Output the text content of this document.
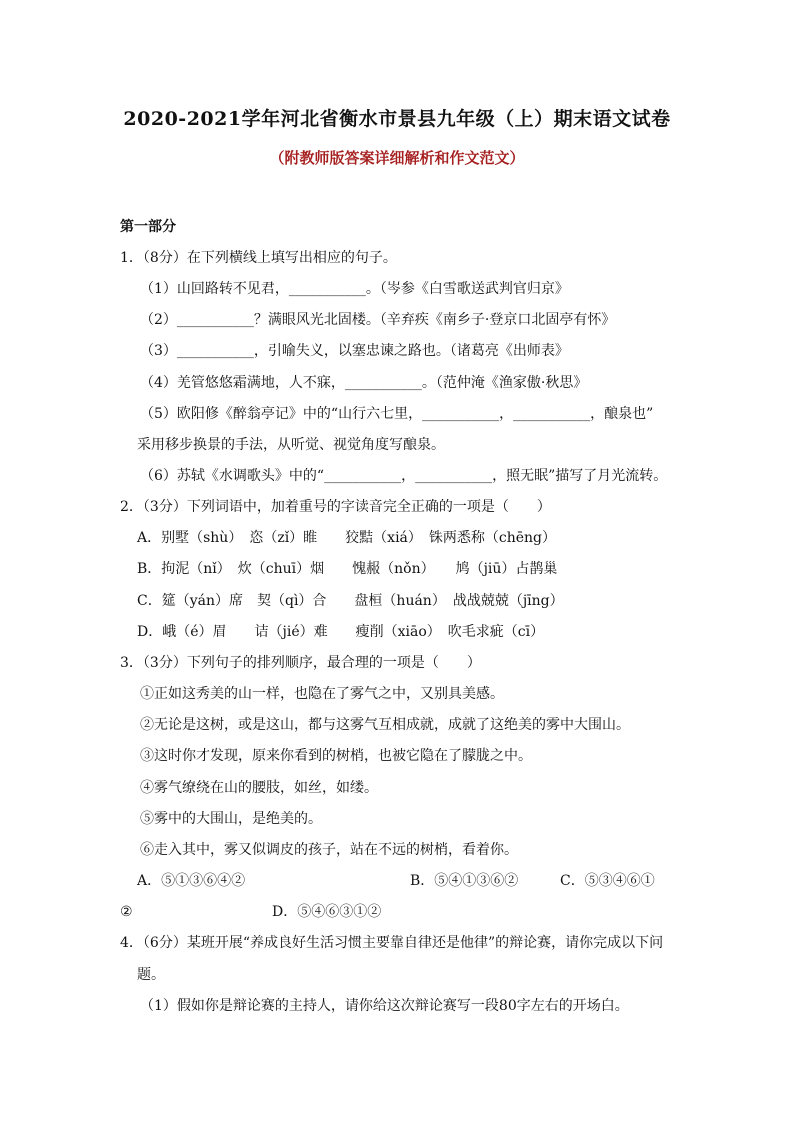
2020-2021学年河北省衡水市景县九年级（上）期末语文试卷
（附教师版答案详细解析和作文范文）
第一部分
1．（8分）在下列横线上填写出相应的句子。
（1）山回路转不见君，___________。（岑参《白雪歌送武判官归京》
（2）___________？满眼风光北固楼。（辛弃疾《南乡子·登京口北固亭有怀》
（3）___________，引喻失义，以塞忠谏之路也。（诸葛亮《出师表》
（4）羌管悠悠霜满地，人不寐，___________。（范仲淹《渔家傲·秋思》
（5）欧阳修《醉翁亭记》中的“山行六七里，___________，___________，酿泉也”
采用移步换景的手法，从听觉、视觉角度写酿泉。
（6）苏轼《水调歌头》中的“___________，___________，照无眠”描写了月光流转。
2．（3分）下列词语中，加着重号的字读音完全正确的一项是（　　）
A．别墅（shù）　恣（zǐ）睢　　狡黠（xiá）　铢两悉称（chēng）
B．拘泥（nǐ）　炊（chuī）烟　　愧赧（nǒn）　　鸠（jiū）占鹊巢
C．筵（yán）席　契（qì）合　　盘桓（huán）　战战兢兢（jīng）
D．峨（é）眉　　诘（jié）难　　瘦削（xiāo）　吹毛求疵（cī）
3．（3分）下列句子的排列顺序，最合理的一项是（　　）
①正如这秀美的山一样，也隐在了雾气之中，又别具美感。
②无论是这树，或是这山，都与这雾气互相成就，成就了这绝美的雾中大围山。
③这时你才发现，原来你看到的树梢，也被它隐在了朦胧之中。
④雾气缭绕在山的腰肢，如丝，如缕。
⑤雾中的大围山，是绝美的。
⑥走入其中，雾又似调皮的孩子，站在不远的树梢，看着你。
A．⑤①③⑥④②	B．⑤④①③⑥②	C．⑤③④⑥①
②	D．⑤④⑥③①②
4．（6分）某班开展“养成良好生活习惯主要靠自律还是他律”的辩论赛，请你完成以下问
题。
（1）假如你是辩论赛的主持人，请你给这次辩论赛写一段80字左右的开场白。
